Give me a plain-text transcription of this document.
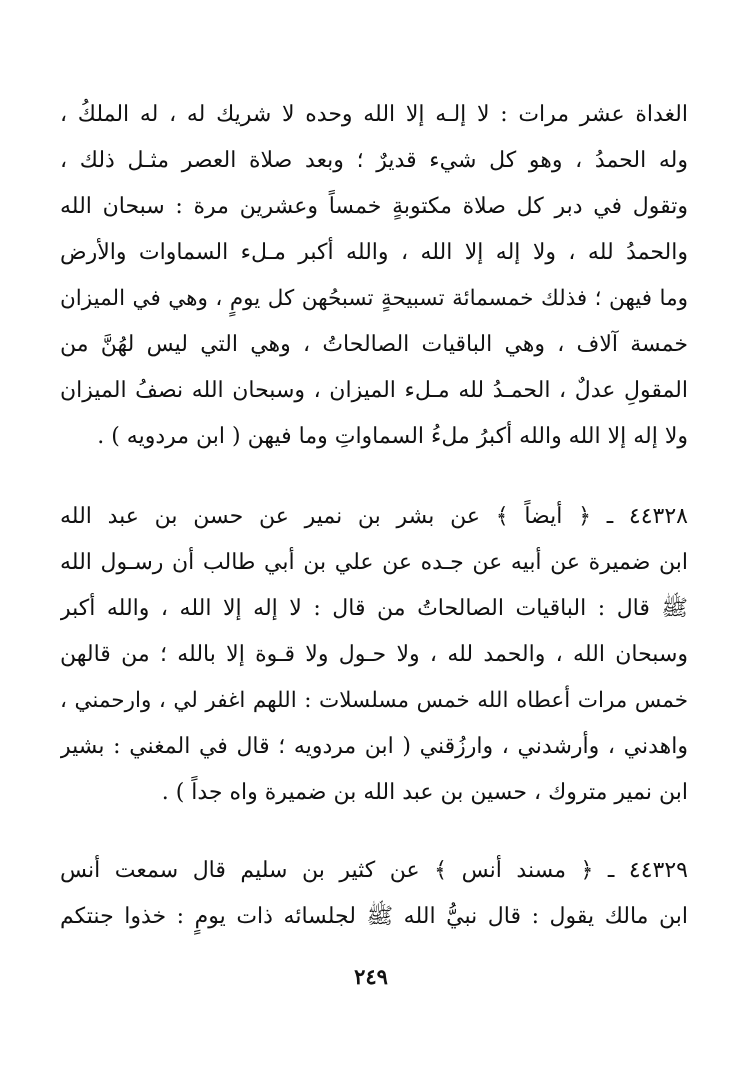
الغداة عشر مرات : لا إلـه إلا الله وحده لا شريك له ، له الملكُ ،
وله الحمدُ ، وهو كل شيء قديرٌ ؛ وبعد صلاة العصر مثـل ذلك ،
وتقول في دبر كل صلاة مكتوبةٍ خمساً وعشرين مرة : سبحان الله
والحمدُ لله ، ولا إله إلا الله ، والله أكبر مـلء السماوات والأرض
وما فيهن ؛ فذلك خمسمائة تسبيحةٍ تسبحُهن كل يومٍ ، وهي في الميزان
خمسة آلاف ، وهي الباقيات الصالحاتُ ، وهي التي ليس لهُنَّ من
المقولِ عدلٌ ، الحمـدُ لله مـلء الميزان ، وسبحان الله نصفُ الميزان
ولا إله إلا الله والله أكبرُ ملءُ السماواتِ وما فيهن ( ابن مردويه ) .
٤٤٣٢٨ ـ ﴿ أيضاً ﴾ عن بشر بن نمير عن حسن بن عبد الله
ابن ضميرة عن أبيه عن جـده عن علي بن أبي طالب أن رسـول الله
ﷺ قال : الباقيات الصالحاتُ من قال : لا إله إلا الله ، والله أكبر
وسبحان الله ، والحمد لله ، ولا حـول ولا قـوة إلا بالله ؛ من قالهن
خمس مرات أعطاه الله خمس مسلسلات : اللهم اغفر لي ، وارحمني ،
واهدني ، وأرشدني ، وارزُقني ( ابن مردويه ؛ قال في المغني : بشير
ابن نمير متروك ، حسين بن عبد الله بن ضميرة واه جداً ) .
٤٤٣٢٩ ـ ﴿ مسند أنس ﴾ عن كثير بن سليم قال سمعت أنس
ابن مالك يقول : قال نبيُّ الله ﷺ لجلسائه ذات يومٍ : خذوا جنتكم
٢٤٩
